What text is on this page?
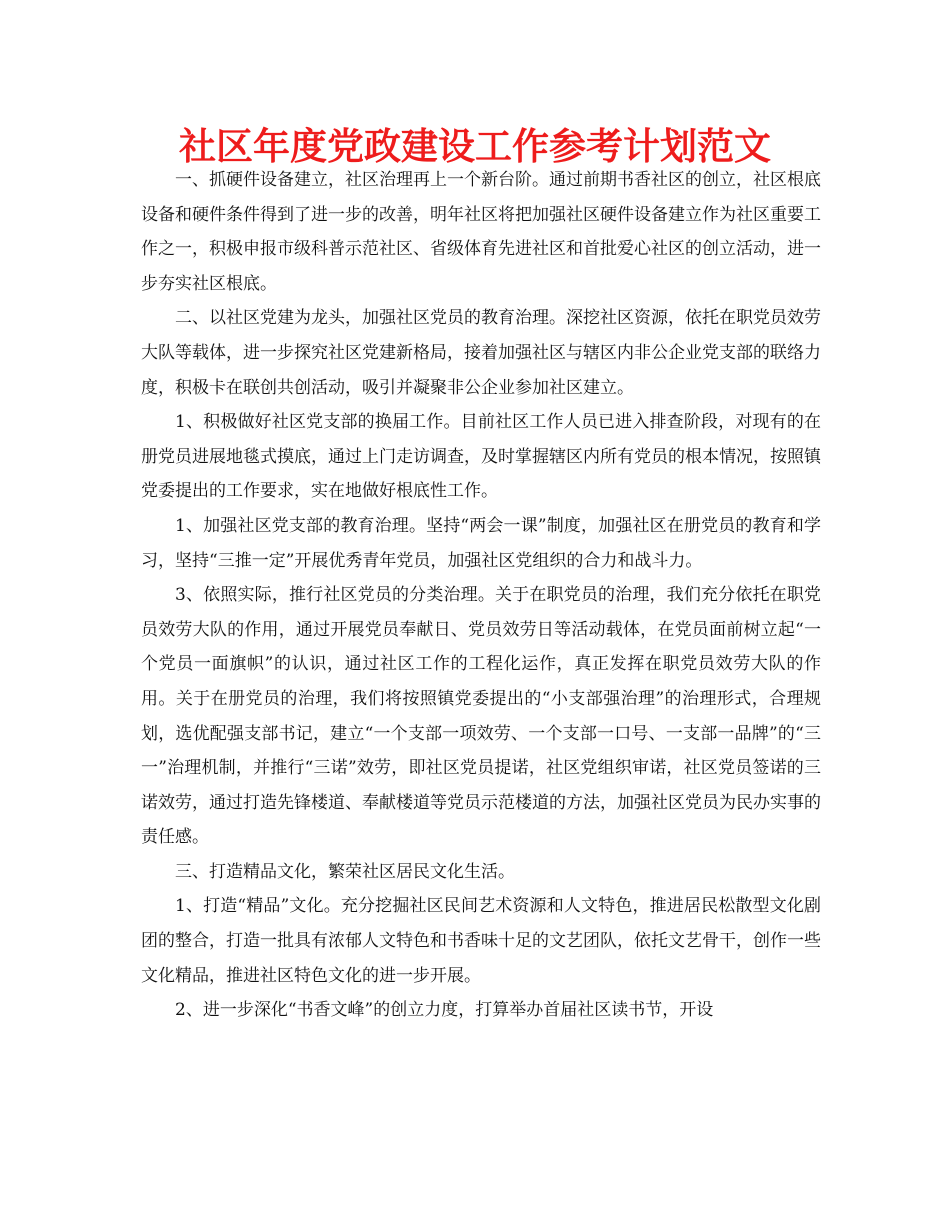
社区年度党政建设工作参考计划范文

一、抓硬件设备建立，社区治理再上一个新台阶。通过前期书香社区的创立，社区根底设备和硬件条件得到了进一步的改善，明年社区将把加强社区硬件设备建立作为社区重要工作之一，积极申报市级科普示范社区、省级体育先进社区和首批爱心社区的创立活动，进一步夯实社区根底。

二、以社区党建为龙头，加强社区党员的教育治理。深挖社区资源，依托在职党员效劳大队等载体，进一步探究社区党建新格局，接着加强社区与辖区内非公企业党支部的联络力度，积极卡在联创共创活动，吸引并凝聚非公企业参加社区建立。

1、积极做好社区党支部的换届工作。目前社区工作人员已进入排查阶段，对现有的在册党员进展地毯式摸底，通过上门走访调查，及时掌握辖区内所有党员的根本情况，按照镇党委提出的工作要求，实在地做好根底性工作。

1、加强社区党支部的教育治理。坚持“两会一课”制度，加强社区在册党员的教育和学习，坚持“三推一定”开展优秀青年党员，加强社区党组织的合力和战斗力。

3、依照实际，推行社区党员的分类治理。关于在职党员的治理，我们充分依托在职党员效劳大队的作用，通过开展党员奉献日、党员效劳日等活动载体，在党员面前树立起“一个党员一面旗帜”的认识，通过社区工作的工程化运作，真正发挥在职党员效劳大队的作用。关于在册党员的治理，我们将按照镇党委提出的“小支部强治理”的治理形式，合理规划，选优配强支部书记，建立“一个支部一项效劳、一个支部一口号、一支部一品牌”的“三一”治理机制，并推行“三诺”效劳，即社区党员提诺，社区党组织审诺，社区党员签诺的三诺效劳，通过打造先锋楼道、奉献楼道等党员示范楼道的方法，加强社区党员为民办实事的责任感。

三、打造精品文化，繁荣社区居民文化生活。

1、打造“精品”文化。充分挖掘社区民间艺术资源和人文特色，推进居民松散型文化剧团的整合，打造一批具有浓郁人文特色和书香味十足的文艺团队，依托文艺骨干，创作一些文化精品，推进社区特色文化的进一步开展。

2、进一步深化“书香文峰”的创立力度，打算举办首届社区读书节，开设
